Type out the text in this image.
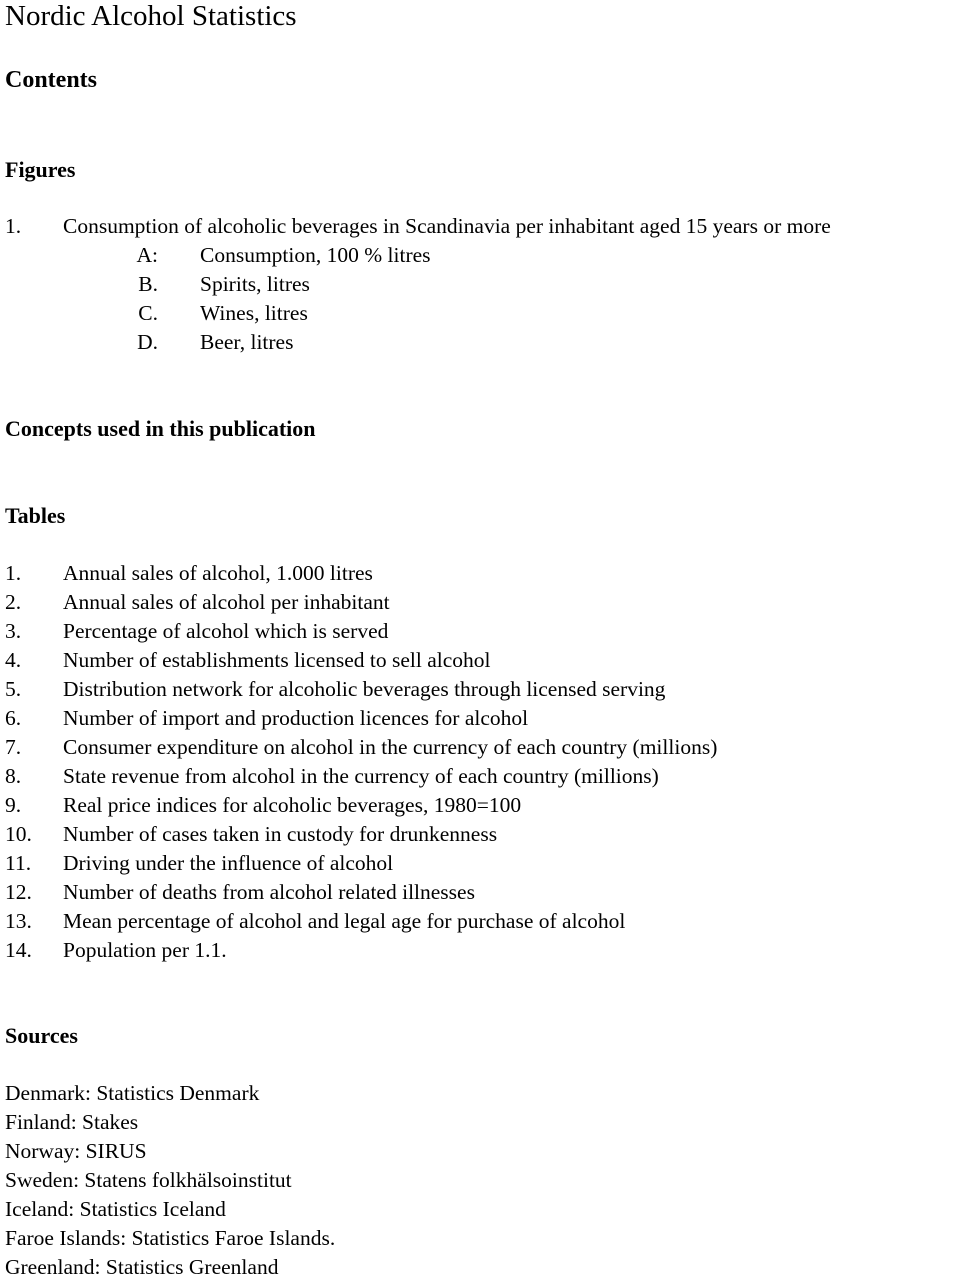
Nordic Alcohol Statistics
Contents
Figures
1. Consumption of alcoholic beverages in Scandinavia per inhabitant aged 15 years or more
A: Consumption, 100 % litres
B. Spirits, litres
C. Wines, litres
D. Beer, litres
Concepts used in this publication
Tables
1. Annual sales of alcohol, 1.000 litres
2. Annual sales of alcohol per inhabitant
3. Percentage of alcohol which is served
4. Number of establishments licensed to sell alcohol
5. Distribution network for alcoholic beverages through licensed serving
6. Number of import and production licences for alcohol
7. Consumer expenditure on alcohol in the currency of each country (millions)
8. State revenue from alcohol in the currency of each country (millions)
9. Real price indices for alcoholic beverages, 1980=100
10. Number of cases taken in custody for drunkenness
11. Driving under the influence of alcohol
12. Number of deaths from alcohol related illnesses
13. Mean percentage of alcohol and legal age for purchase of alcohol
14. Population per 1.1.
Sources
Denmark: Statistics Denmark
Finland: Stakes
Norway: SIRUS
Sweden: Statens folkhälsoinstitut
Iceland: Statistics Iceland
Faroe Islands: Statistics Faroe Islands.
Greenland: Statistics Greenland
